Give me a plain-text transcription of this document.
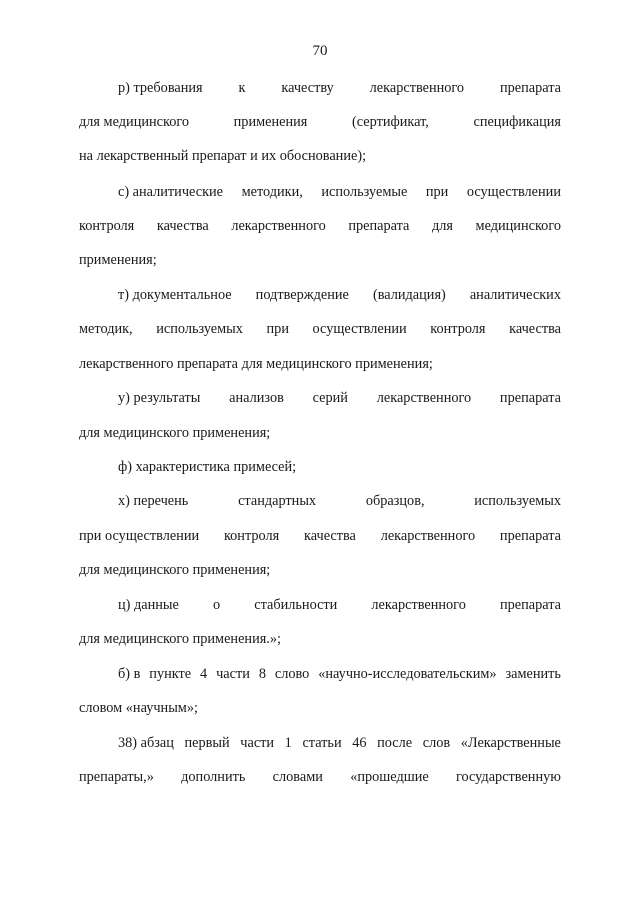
70
р) требования	к	качеству	лекарственного	препарата
для медицинского	применения	(сертификат,	спецификация
на лекарственный препарат и их обоснование);
с) аналитические методики, используемые при осуществлении
контроля качества лекарственного препарата для медицинского
применения;
т) документальное подтверждение (валидация) аналитических
методик, используемых при осуществлении контроля качества
лекарственного препарата для медицинского применения;
у) результаты анализов серий лекарственного препарата
для медицинского применения;
ф) характеристика примесей;
х) перечень	стандартных	образцов,	используемых
при осуществлении контроля качества лекарственного препарата
для медицинского применения;
ц) данные о стабильности лекарственного препарата
для медицинского применения.»;
б) в пункте 4 части 8 слово «научно-исследовательским» заменить
словом «научным»;
38) абзац первый части 1 статьи 46 после слов «Лекарственные
препараты,» дополнить словами «прошедшие государственную
